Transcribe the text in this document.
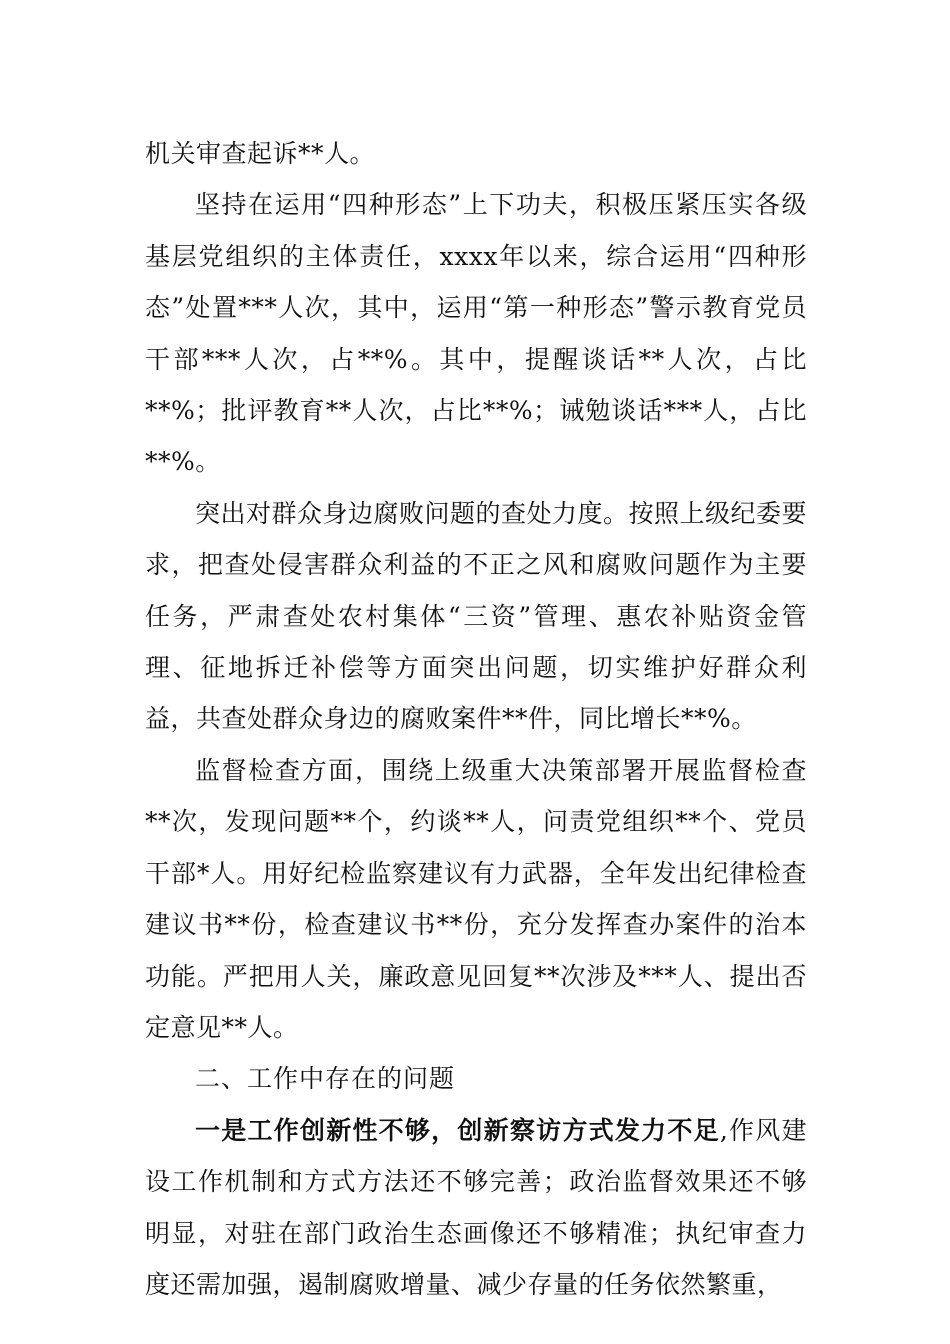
机关审查起诉**人。

坚持在运用“四种形态”上下功夫，积极压紧压实各级基层党组织的主体责任，xxxx年以来，综合运用“四种形态”处置***人次，其中，运用“第一种形态”警示教育党员干部***人次，占**%。其中，提醒谈话**人次，占比**%；批评教育**人次，占比**%；诫勉谈话***人，占比**%。

突出对群众身边腐败问题的查处力度。按照上级纪委要求，把查处侵害群众利益的不正之风和腐败问题作为主要任务，严肃查处农村集体“三资”管理、惠农补贴资金管理、征地拆迁补偿等方面突出问题，切实维护好群众利益，共查处群众身边的腐败案件**件，同比增长**%。

监督检查方面，围绕上级重大决策部署开展监督检查**次，发现问题**个，约谈**人，问责党组织**个、党员干部*人。用好纪检监察建议有力武器，全年发出纪律检查建议书**份，检查建议书**份，充分发挥查办案件的治本功能。严把用人关，廉政意见回复**次涉及***人、提出否定意见**人。

二、工作中存在的问题

一是工作创新性不够，创新察访方式发力不足,作风建设工作机制和方式方法还不够完善；政治监督效果还不够明显，对驻在部门政治生态画像还不够精准；执纪审查力度还需加强，遏制腐败增量、减少存量的任务依然繁重，
